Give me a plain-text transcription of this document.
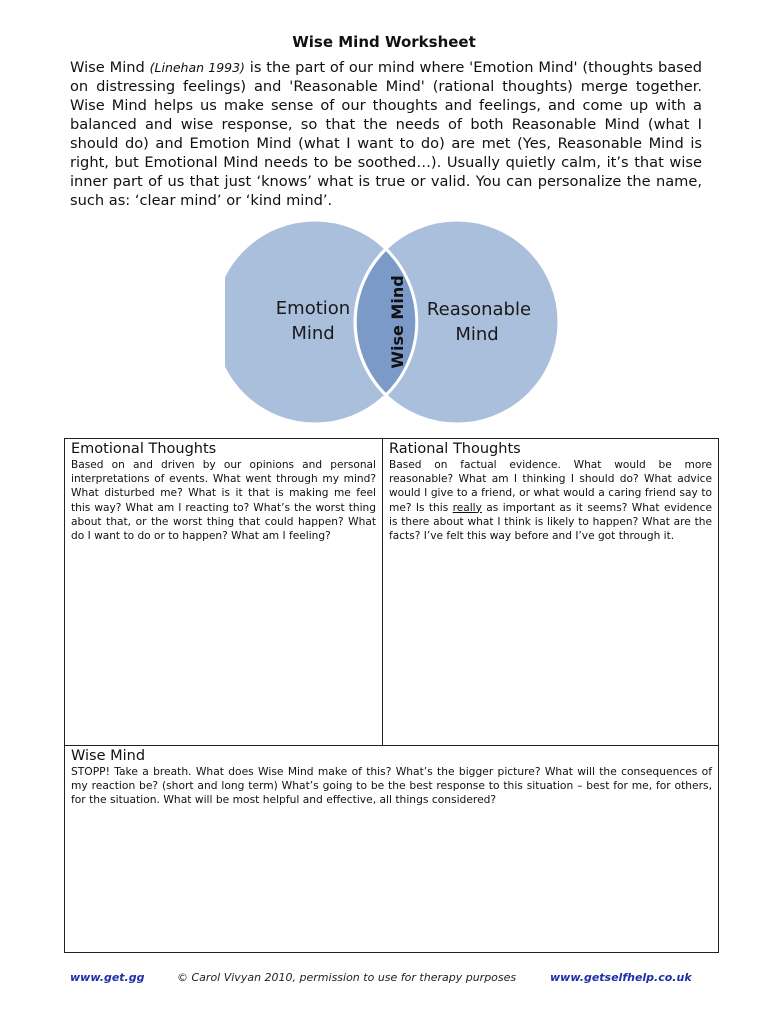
Wise Mind Worksheet

Wise Mind (Linehan 1993) is the part of our mind where 'Emotion Mind' (thoughts based on distressing feelings) and 'Reasonable Mind' (rational thoughts) merge together. Wise Mind helps us make sense of our thoughts and feelings, and come up with a balanced and wise response, so that the needs of both Reasonable Mind (what I should do) and Emotion Mind (what I want to do) are met (Yes, Reasonable Mind is right, but Emotional Mind needs to be soothed…). Usually quietly calm, it’s that wise inner part of us that just ‘knows’ what is true or valid. You can personalize the name, such as: ‘clear mind’ or ‘kind mind’.

Emotion
Mind
Reasonable
Mind
Wise Mind
Emotional Thoughts

Based on and driven by our opinions and personal interpretations of events. What went through my mind? What disturbed me? What is it that is making me feel this way? What am I reacting to? What’s the worst thing about that, or the worst thing that could happen? What do I want to do or to happen? What am I feeling?

Rational Thoughts

Based on factual evidence. What would be more reasonable? What am I thinking I should do? What advice would I give to a friend, or what would a caring friend say to me? Is this really as important as it seems? What evidence is there about what I think is likely to happen? What are the facts? I’ve felt this way before and I’ve got through it.

Wise Mind

STOPP! Take a breath. What does Wise Mind make of this? What’s the bigger picture? What will the consequences of my reaction be? (short and long term) What’s going to be the best response to this situation – best for me, for others, for the situation. What will be most helpful and effective, all things considered?

www.get.gg	© Carol Vivyan 2010, permission to use for therapy purposes	www.getselfhelp.co.uk
